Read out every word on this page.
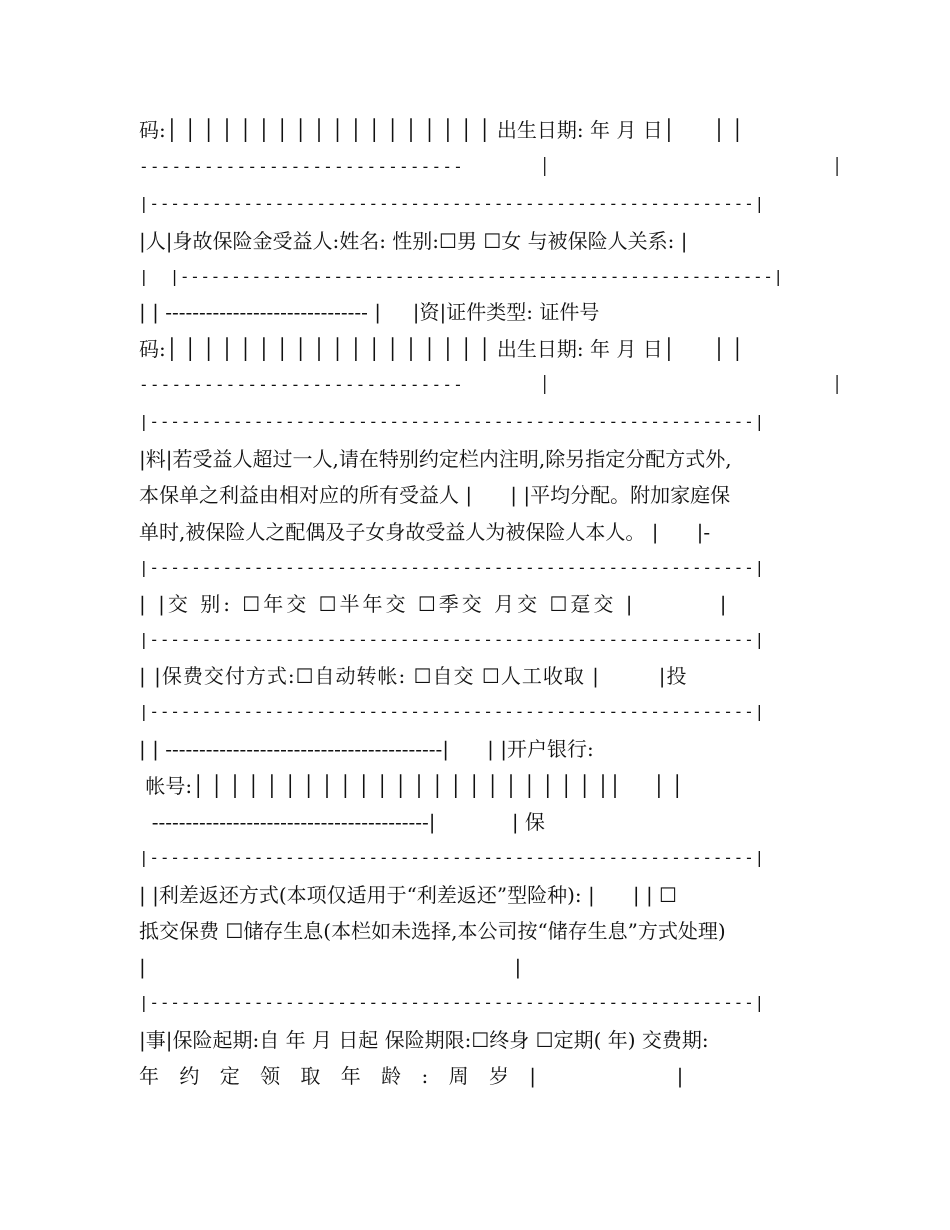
码:│ │ │ │ │ │ │ │ │ │ │ │ │ │ │ │ │ │ 出生日期: 年 月 日│      │ │
------------------------------       │                          │
|----------------------------------------------------------|
|人|身故保险金受益人:姓名: 性别:☐男 ☐女 与被保险人关系: |
|  |----------------------------------------------------------|
| | ------------------------------ |     |资|证件类型: 证件号
码:│ │ │ │ │ │ │ │ │ │ │ │ │ │ │ │ │ │ 出生日期: 年 月 日│      │ │
------------------------------       │                          │
|----------------------------------------------------------|
|料|若受益人超过一人,请在特别约定栏内注明,除另指定分配方式外,
本保单之利益由相对应的所有受益人 |      | |平均分配。附加家庭保
单时,被保险人之配偶及子女身故受益人为被保险人本人。 |      |-
|----------------------------------------------------------|
| |交 别: ☐年交 ☐半年交 ☐季交 月交 ☐趸交 |         |
|----------------------------------------------------------|
| |保费交付方式:☐自动转帐: ☐自交 ☐人工收取 |        |投
|----------------------------------------------------------|
| | -----------------------------------------|      | |开户银行:
帐号:│ │ │ │ │ │ │ │ │ │ │ │ │ │ │ │ │ │ │ │ │ │ ││     │ │
-----------------------------------------|            | 保
|----------------------------------------------------------|
| |利差返还方式(本项仅适用于“利差返还”型险种): |      | | ☐
抵交保费 ☐储存生息(本栏如未选择,本公司按“储存生息”方式处理)
|                                                          |
|----------------------------------------------------------|
|事|保险起期:自 年 月 日起 保险期限:☐终身 ☐定期( 年) 交费期:
年 约 定 领 取 年 龄 : 周 岁 |          |
